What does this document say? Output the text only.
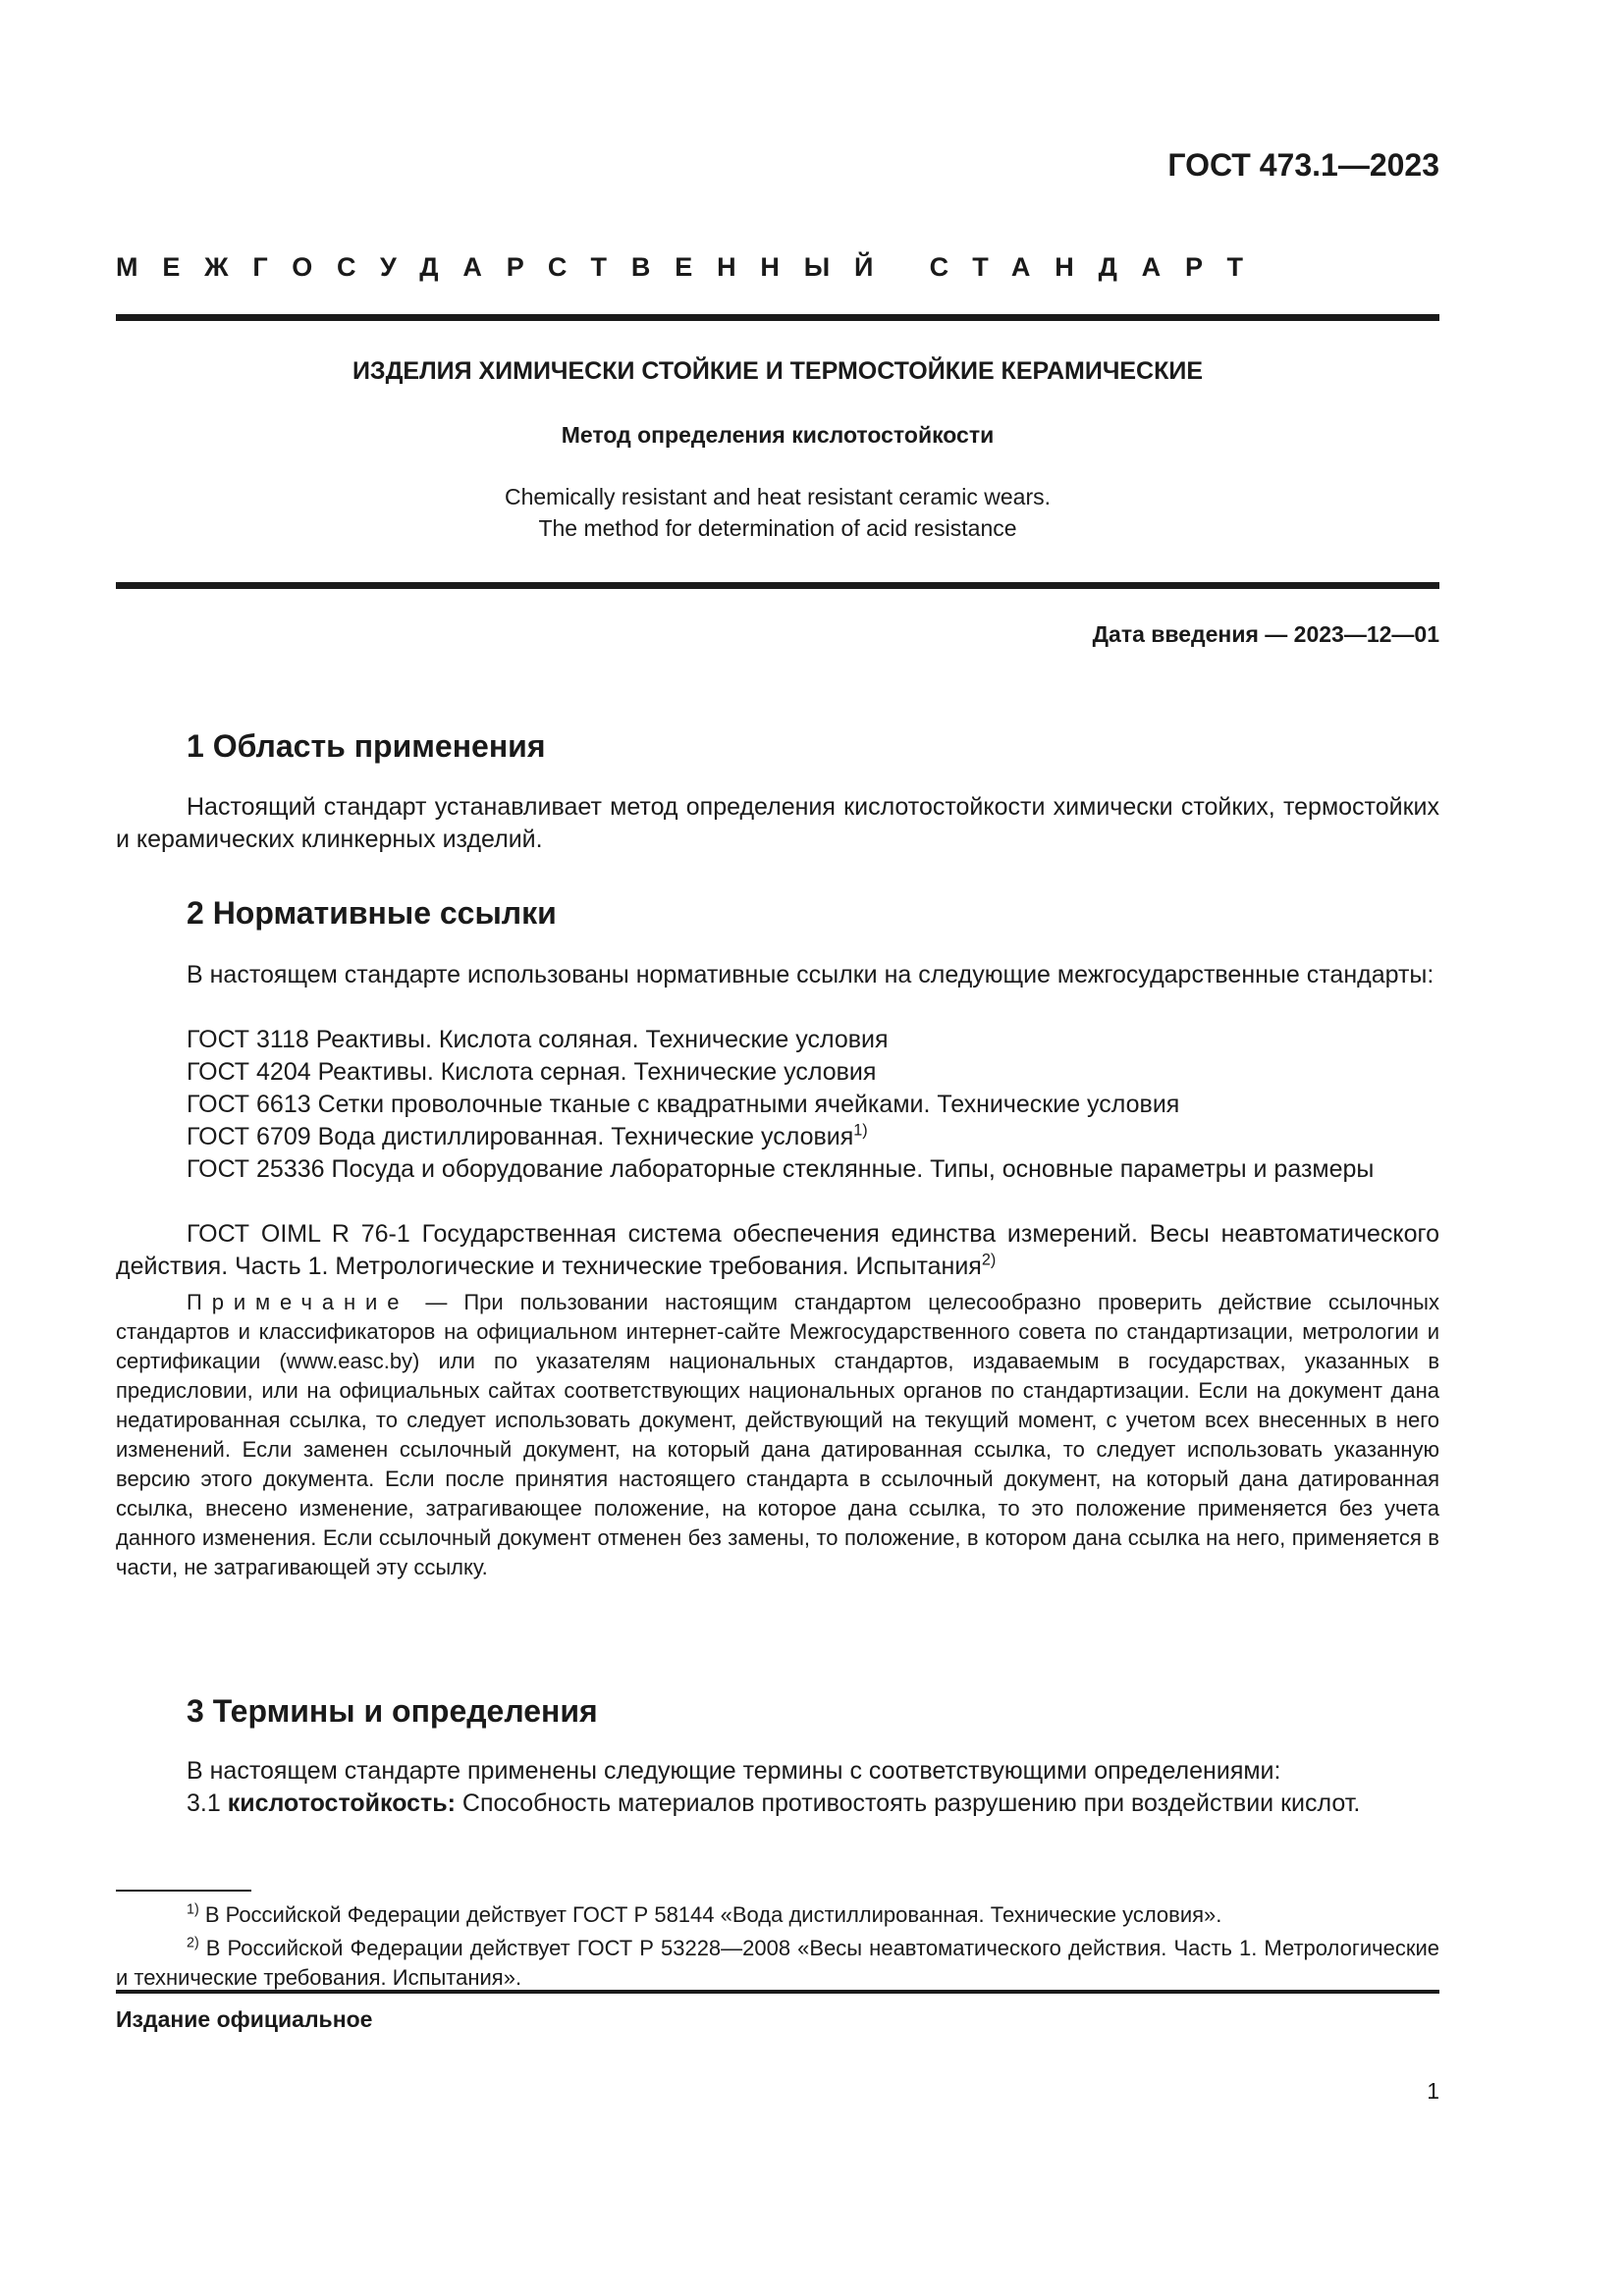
ГОСТ 473.1—2023
МЕЖГОСУДАРСТВЕННЫЙ СТАНДАРТ
ИЗДЕЛИЯ ХИМИЧЕСКИ СТОЙКИЕ И ТЕРМОСТОЙКИЕ КЕРАМИЧЕСКИЕ
Метод определения кислотостойкости
Chemically resistant and heat resistant ceramic wears.
The method for determination of acid resistance
Дата введения — 2023—12—01
1 Область применения

Настоящий стандарт устанавливает метод определения кислотостойкости химически стойких, термостойких и керамических клинкерных изделий.

2 Нормативные ссылки

В настоящем стандарте использованы нормативные ссылки на следующие межгосударственные стандарты:

ГОСТ 3118 Реактивы. Кислота соляная. Технические условия
ГОСТ 4204 Реактивы. Кислота серная. Технические условия
ГОСТ 6613 Сетки проволочные тканые с квадратными ячейками. Технические условия
ГОСТ 6709 Вода дистиллированная. Технические условия$^{1)}$

ГОСТ 25336 Посуда и оборудование лабораторные стеклянные. Типы, основные параметры и размеры

ГОСТ OIML R 76-1 Государственная система обеспечения единства измерений. Весы неавтоматического действия. Часть 1. Метрологические и технические требования. Испытания$^{2)}$

Примечание — При пользовании настоящим стандартом целесообразно проверить действие ссылочных стандартов и классификаторов на официальном интернет-сайте Межгосударственного совета по стандартизации, метрологии и сертификации (www.easc.by) или по указателям национальных стандартов, издаваемым в государствах, указанных в предисловии, или на официальных сайтах соответствующих национальных органов по стандартизации. Если на документ дана недатированная ссылка, то следует использовать документ, действующий на текущий момент, с учетом всех внесенных в него изменений. Если заменен ссылочный документ, на который дана датированная ссылка, то следует использовать указанную версию этого документа. Если после принятия настоящего стандарта в ссылочный документ, на который дана датированная ссылка, внесено изменение, затрагивающее положение, на которое дана ссылка, то это положение применяется без учета данного изменения. Если ссылочный документ отменен без замены, то положение, в котором дана ссылка на него, применяется в части, не затрагивающей эту ссылку.

3 Термины и определения
В настоящем стандарте применены следующие термины с соответствующими определениями:

3.1 кислотостойкость: Способность материалов противостоять разрушению при воздействии кислот.

$^{1)}$ В Российской Федерации действует ГОСТ Р 58144 «Вода дистиллированная. Технические условия».

$^{2)}$ В Российской Федерации действует ГОСТ Р 53228—2008 «Весы неавтоматического действия. Часть 1. Метрологические и технические требования. Испытания».

Издание официальное
1
